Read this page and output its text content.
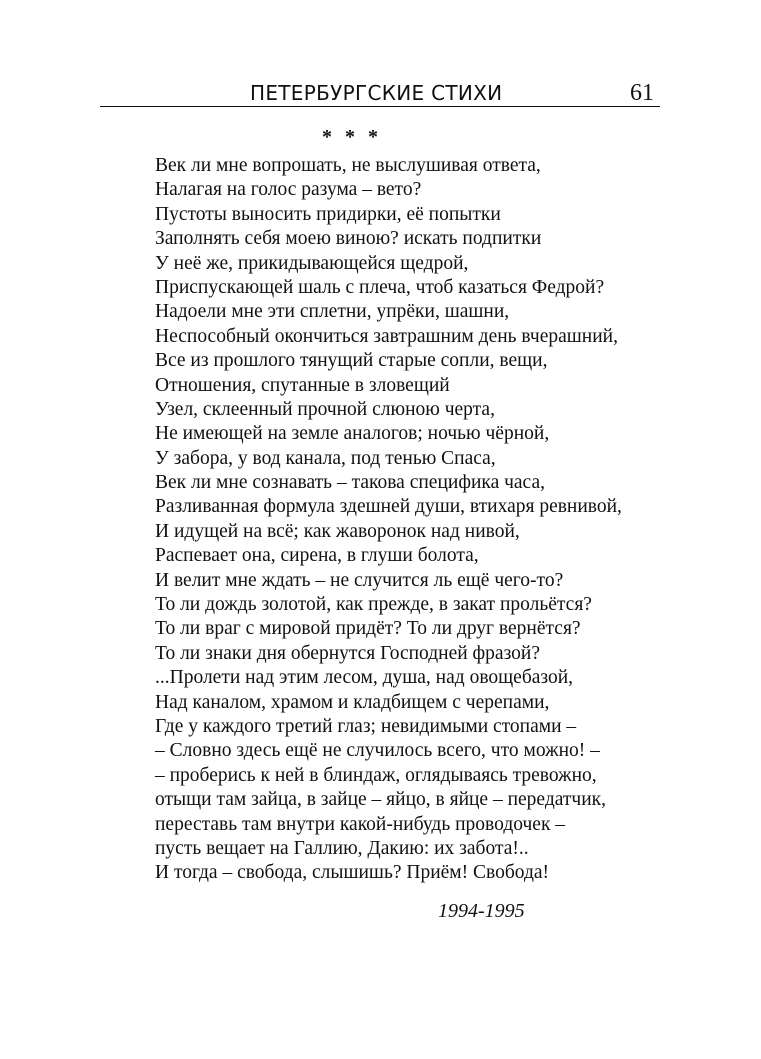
ПЕТЕРБУРГСКИЕ СТИХИ	61
* * *
Век ли мне вопрошать, не выслушивая ответа,
Налагая на голос разума – вето?
Пустоты выносить придирки, её попытки
Заполнять себя моею виною? искать подпитки
У неё же, прикидывающейся щедрой,
Приспускающей шаль с плеча, чтоб казаться Федрой?
Надоели мне эти сплетни, упрёки, шашни,
Неспособный окончиться завтрашним день вчерашний,
Все из прошлого тянущий старые сопли, вещи,
Отношения, спутанные в зловещий
Узел, склеенный прочной слюною черта,
Не имеющей на земле аналогов; ночью чёрной,
У забора, у вод канала, под тенью Спаса,
Век ли мне сознавать – такова специфика часа,
Разливанная формула здешней души, втихаря ревнивой,
И идущей на всё; как жаворонок над нивой,
Распевает она, сирена, в глуши болота,
И велит мне ждать – не случится ль ещё чего-то?
То ли дождь золотой, как прежде, в закат прольётся?
То ли враг с мировой придёт? То ли друг вернётся?
То ли знаки дня обернутся Господней фразой?
...Пролети над этим лесом, душа, над овощебазой,
Над каналом, храмом и кладбищем с черепами,
Где у каждого третий глаз; невидимыми стопами –
– Словно здесь ещё не случилось всего, что можно! –
– проберись к ней в блиндаж, оглядываясь тревожно,
отыщи там зайца, в зайце – яйцо, в яйце – передатчик,
переставь там внутри какой-нибудь проводочек –
пусть вещает на Галлию, Дакию: их забота!..
И тогда – свобода, слышишь? Приём! Свобода!
1994-1995
